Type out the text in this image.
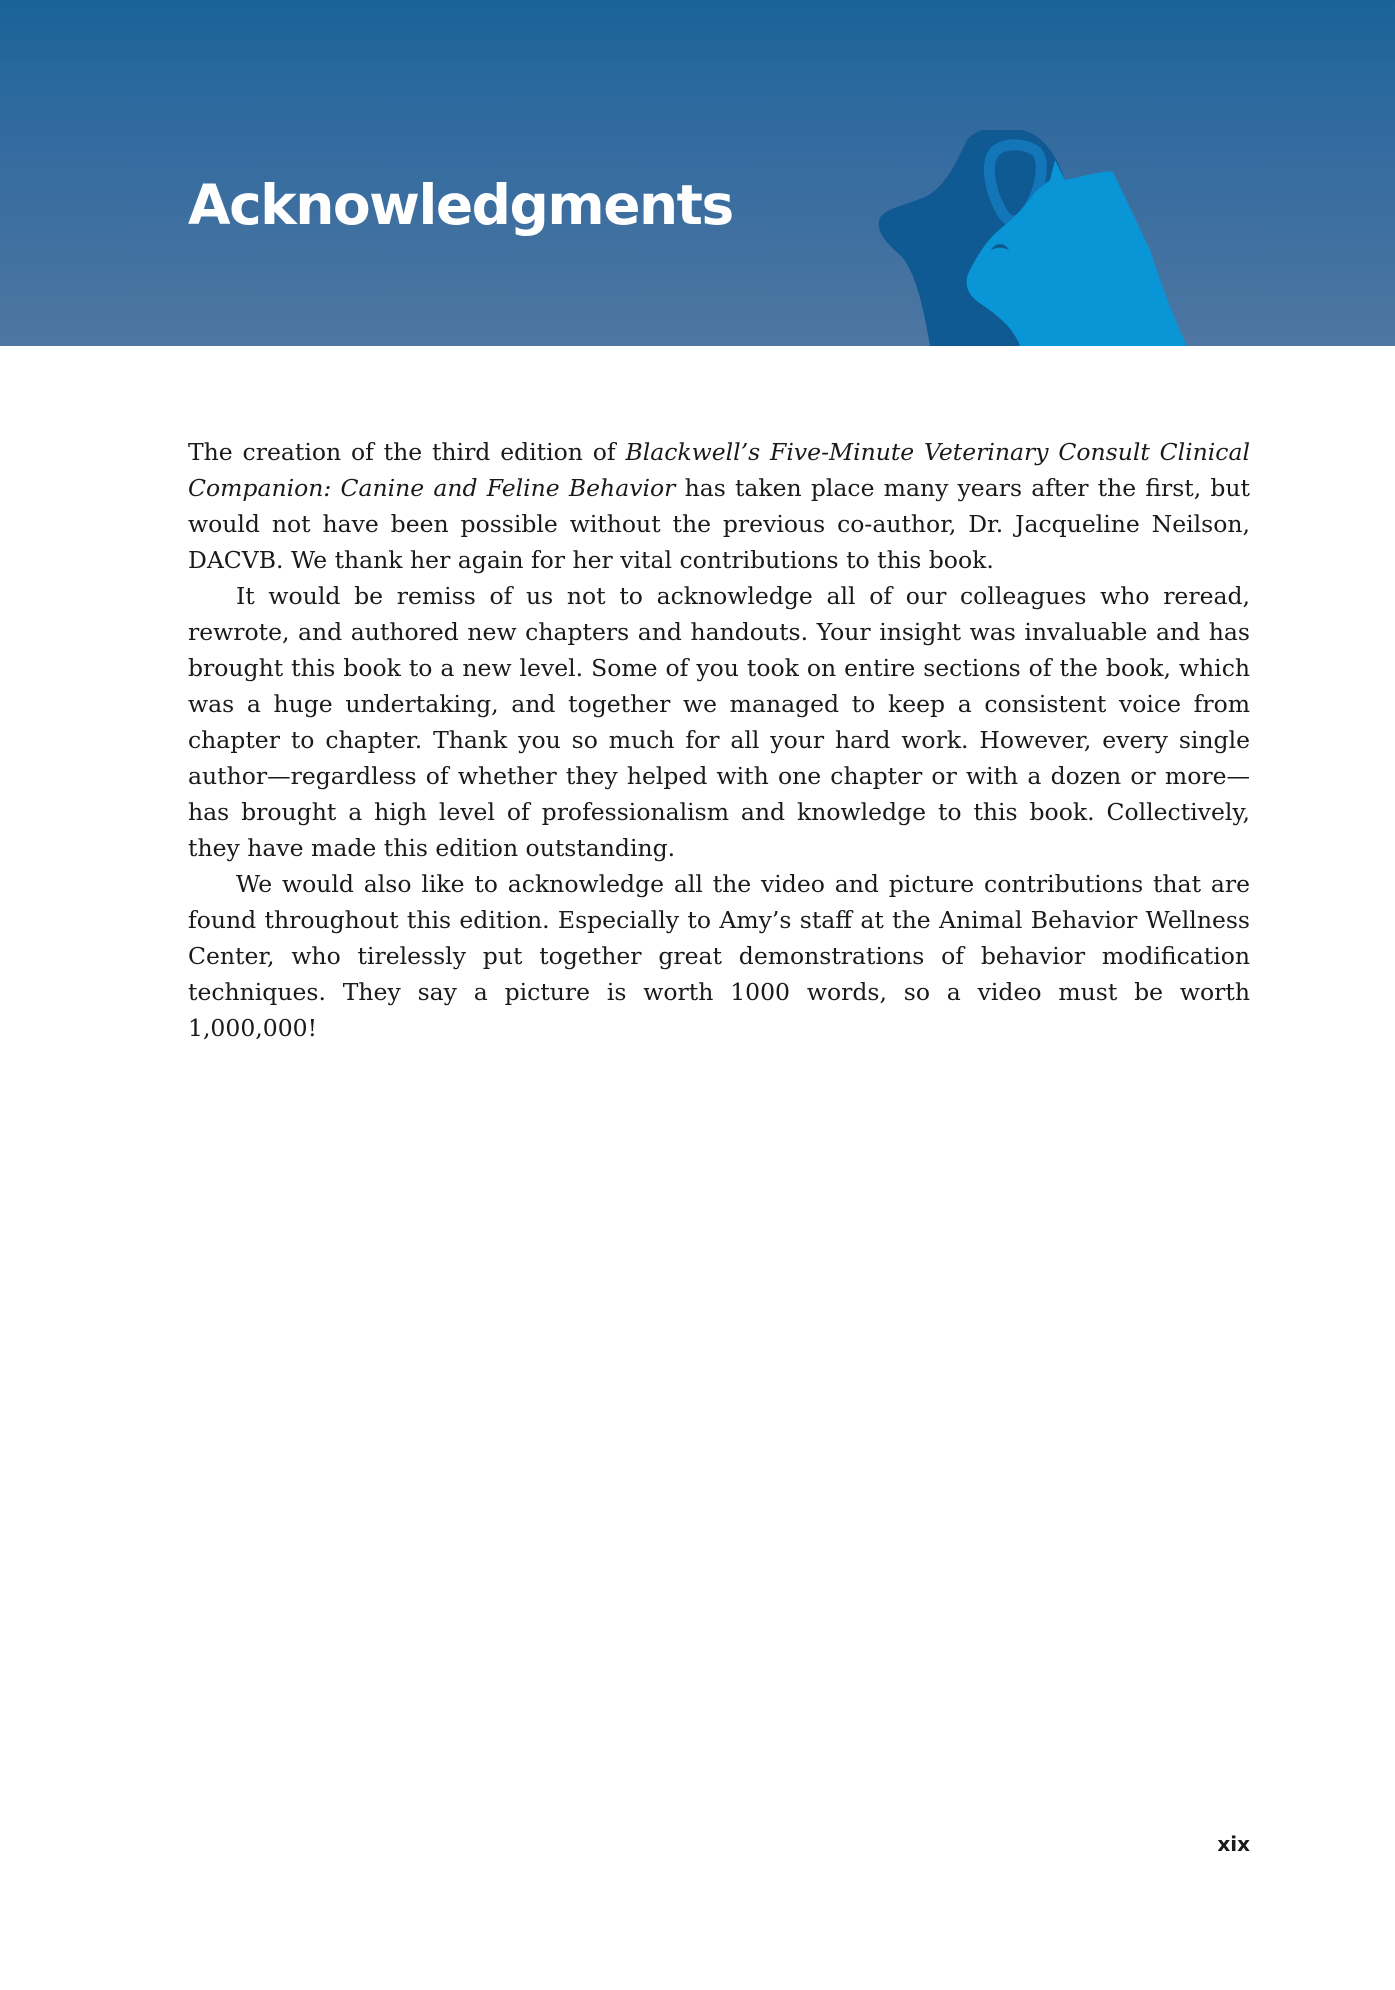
Acknowledgments

The creation of the third edition of Blackwell’s Five-Minute Veterinary Consult Clinical Companion: Canine and Feline Behavior has taken place many years after the first, but would not have been possible without the previous co-author, Dr. Jacqueline Neilson, DACVB. We thank her again for her vital contributions to this book.

It would be remiss of us not to acknowledge all of our colleagues who reread, rewrote, and authored new chapters and handouts. Your insight was invaluable and has brought this book to a new level. Some of you took on entire sections of the book, which was a huge undertaking, and together we managed to keep a consistent voice from chapter to chapter. Thank you so much for all your hard work. However, every single author—regardless of whether they helped with one chapter or with a dozen or more—has brought a high level of professionalism and knowledge to this book. Collectively, they have made this edition outstanding.

We would also like to acknowledge all the video and picture contributions that are found throughout this edition. Especially to Amy’s staff at the Animal Behavior Wellness Center, who tirelessly put together great demonstrations of behavior modification techniques. They say a picture is worth 1000 words, so a video must be worth 1,000,000!

xix
